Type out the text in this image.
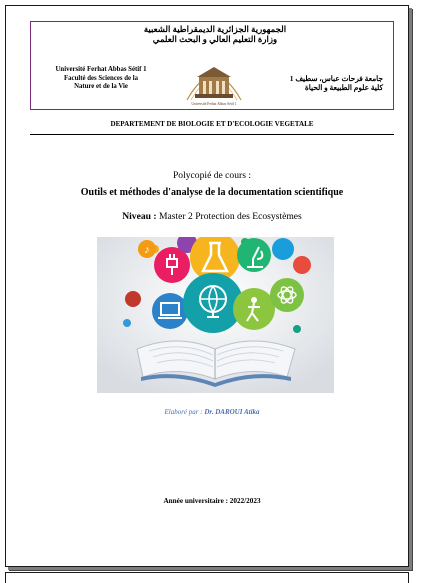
الجمهورية الجزائرية الديمقراطية الشعبية
وزارة التعليم العالي و البحث العلمي
Université Ferhat Abbas Sétif 1
Faculté des Sciences de la
Nature et de la Vie
جامعة فرحات عباس، سطيف 1
كلية علوم الطبيعة و الحياة
Université Ferhat Abbas Sétif 1
DEPARTEMENT DE BIOLOGIE ET D'ECOLOGIE VEGETALE
Polycopié de cours :
Outils et méthodes d'analyse de la documentation scientifique
Niveau : Master 2 Protection des Ecosystèmes
♪
Elaboré par : Dr. DAROUI Atika
Année universitaire : 2022/2023
